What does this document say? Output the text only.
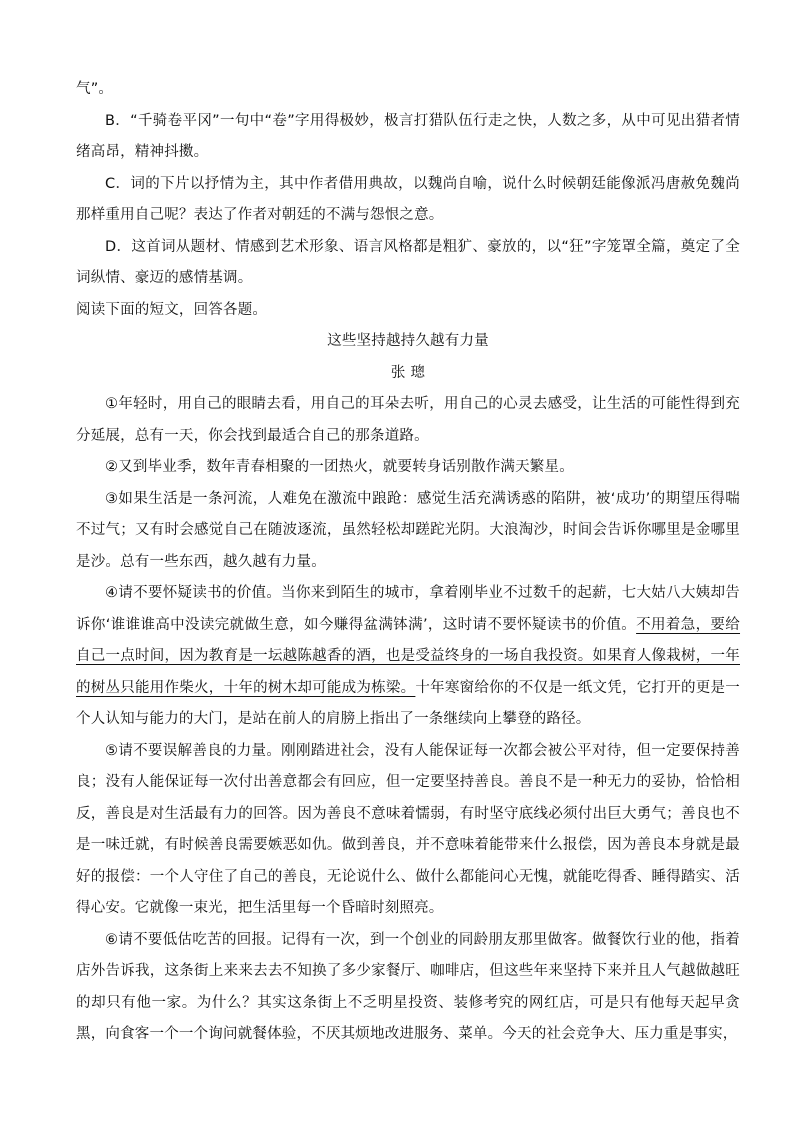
气”。

B．“千骑卷平冈”一句中“卷”字用得极妙，极言打猎队伍行走之快，人数之多，从中可见出猎者情绪高昂，精神抖擞。

C．词的下片以抒情为主，其中作者借用典故，以魏尚自喻，说什么时候朝廷能像派冯唐赦免魏尚那样重用自己呢？表达了作者对朝廷的不满与怨恨之意。

D．这首词从题材、情感到艺术形象、语言风格都是粗犷、豪放的，以“狂”字笼罩全篇，奠定了全词纵情、豪迈的感情基调。

阅读下面的短文，回答各题。

这些坚持越持久越有力量

张 璁

①年轻时，用自己的眼睛去看，用自己的耳朵去听，用自己的心灵去感受，让生活的可能性得到充分延展，总有一天，你会找到最适合自己的那条道路。

②又到毕业季，数年青春相聚的一团热火，就要转身话别散作满天繁星。

③如果生活是一条河流，人难免在激流中踉跄：感觉生活充满诱惑的陷阱，被‘成功’的期望压得喘不过气；又有时会感觉自己在随波逐流，虽然轻松却蹉跎光阴。大浪淘沙，时间会告诉你哪里是金哪里是沙。总有一些东西，越久越有力量。

④请不要怀疑读书的价值。当你来到陌生的城市，拿着刚毕业不过数千的起薪，七大姑八大姨却告诉你‘谁谁谁高中没读完就做生意，如今赚得盆满钵满’，这时请不要怀疑读书的价值。不用着急，要给自己一点时间，因为教育是一坛越陈越香的酒，也是受益终身的一场自我投资。如果育人像栽树，一年的树丛只能用作柴火，十年的树木却可能成为栋梁。十年寒窗给你的不仅是一纸文凭，它打开的更是一个人认知与能力的大门，是站在前人的肩膀上指出了一条继续向上攀登的路径。

⑤请不要误解善良的力量。刚刚踏进社会，没有人能保证每一次都会被公平对待，但一定要保持善良；没有人能保证每一次付出善意都会有回应，但一定要坚持善良。善良不是一种无力的妥协，恰恰相反，善良是对生活最有力的回答。因为善良不意味着懦弱，有时坚守底线必须付出巨大勇气；善良也不是一味迁就，有时候善良需要嫉恶如仇。做到善良，并不意味着能带来什么报偿，因为善良本身就是最好的报偿：一个人守住了自己的善良，无论说什么、做什么都能问心无愧，就能吃得香、睡得踏实、活得心安。它就像一束光，把生活里每一个昏暗时刻照亮。

⑥请不要低估吃苦的回报。记得有一次，到一个创业的同龄朋友那里做客。做餐饮行业的他，指着店外告诉我，这条街上来来去去不知换了多少家餐厅、咖啡店，但这些年来坚持下来并且人气越做越旺的却只有他一家。为什么？其实这条街上不乏明星投资、装修考究的网红店，可是只有他每天起早贪黑，向食客一个一个询问就餐体验，不厌其烦地改进服务、菜单。今天的社会竞争大、压力重是事实，
